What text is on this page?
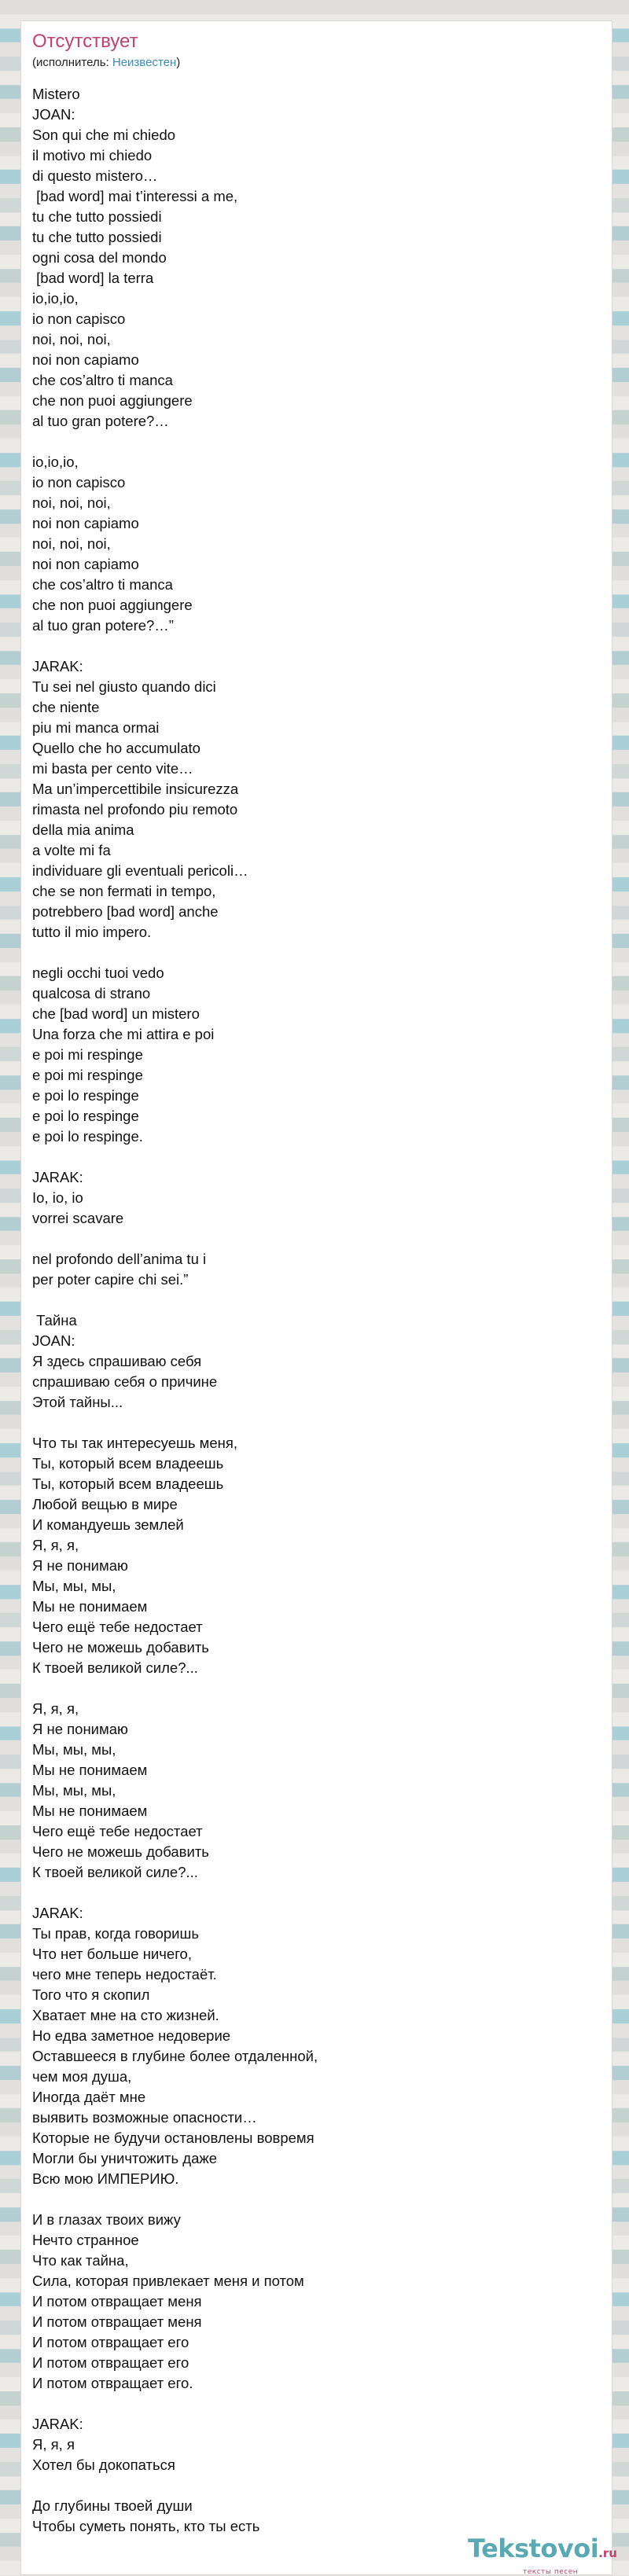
Отсутствует
(исполнитель: Неизвестен)
Mistero
JOAN:
Son qui che mi chiedo
il motivo mi chiedo
di questo mistero…
[bad word] mai t’interessi a me,
tu che tutto possiedi
tu che tutto possiedi
ogni cosa del mondo
[bad word] la terra
io,io,io,
io non capisco
noi, noi, noi,
noi non capiamo
che cos’altro ti manca
che non puoi aggiungere
al tuo gran potere?…
io,io,io,
io non capisco
noi, noi, noi,
noi non capiamo
noi, noi, noi,
noi non capiamo
che cos’altro ti manca
che non puoi aggiungere
al tuo gran potere?…”
JARAK:
Tu sei nel giusto quando dici
che niente
piu mi manca ormai
Quello che ho accumulato
mi basta per cento vite…
Ma un’impercettibile insicurezza
rimasta nel profondo piu remoto
della mia anima
a volte mi fa
individuare gli eventuali pericoli…
che se non fermati in tempo,
potrebbero [bad word] anche
tutto il mio impero.
negli occhi tuoi vedo
qualcosa di strano
che [bad word] un mistero
Una forza che mi attira e poi
e poi mi respinge
e poi mi respinge
e poi lo respinge
e poi lo respinge
e poi lo respinge.
JARAK:
Io, io, io
vorrei scavare
nel profondo dell’anima tu i
per poter capire chi sei.”
Тайна
JOAN:
Я здесь спрашиваю себя
спрашиваю себя о причине
Этой тайны...
Что ты так интересуешь меня,
Ты, который всем владеешь
Ты, который всем владеешь
Любой вещью в мире
И командуешь землей
Я, я, я,
Я не понимаю
Мы, мы, мы,
Мы не понимаем
Чего ещё тебе недостает
Чего не можешь добавить
К твоей великой силе?...
Я, я, я,
Я не понимаю
Мы, мы, мы,
Мы не понимаем
Мы, мы, мы,
Мы не понимаем
Чего ещё тебе недостает
Чего не можешь добавить
К твоей великой силе?...
JARAK:
Ты прав, когда говоришь
Что нет больше ничего,
чего мне теперь недостаёт.
Того что я скопил
Хватает мне на сто жизней.
Но едва заметное недоверие
Оставшееся в глубине более отдаленной,
чем моя душа,
Иногда даёт мне
выявить возможные опасности…
Которые не будучи остановлены вовремя
Могли бы уничтожить даже
Всю мою ИМПЕРИЮ.
И в глазах твоих вижу
Нечто странное
Что как тайна,
Сила, которая привлекает меня и потом
И потом отвращает меня
И потом отвращает меня
И потом отвращает его
И потом отвращает его
И потом отвращает его.
JARAK:
Я, я, я
Хотел бы докопаться
До глубины твоей души
Чтобы суметь понять, кто ты есть
Tekstovoi.ru
тексты песен
